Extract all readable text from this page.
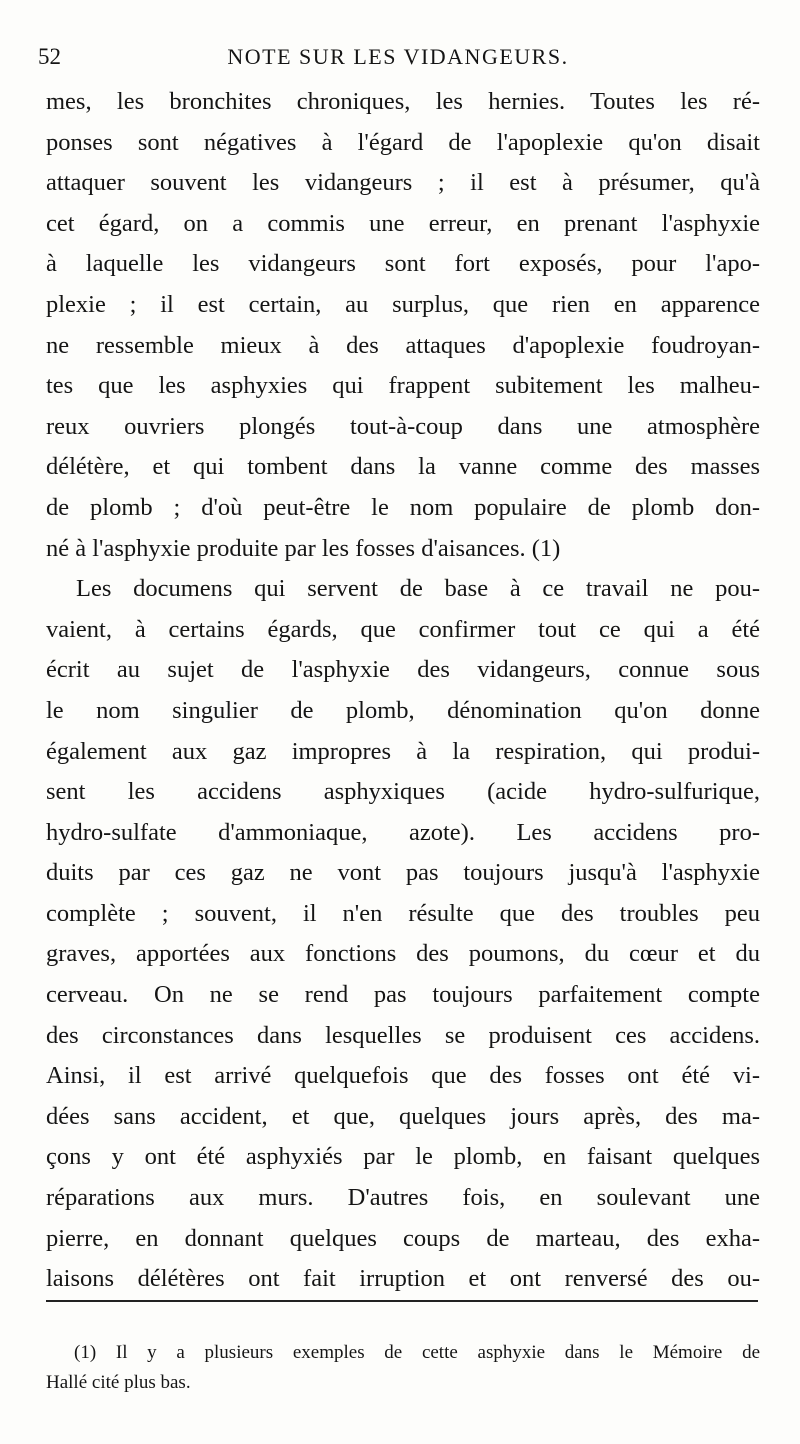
52	NOTE SUR LES VIDANGEURS.
mes, les bronchites chroniques, les hernies. Toutes les ré-
ponses sont négatives à l'égard de l'apoplexie qu'on disait
attaquer souvent les vidangeurs ; il est à présumer, qu'à
cet égard, on a commis une erreur, en prenant l'asphyxie
à laquelle les vidangeurs sont fort exposés, pour l'apo-
plexie ; il est certain, au surplus, que rien en apparence
ne ressemble mieux à des attaques d'apoplexie foudroyan-
tes que les asphyxies qui frappent subitement les malheu-
reux ouvriers plongés tout-à-coup dans une atmosphère
délétère, et qui tombent dans la vanne comme des masses
de plomb ; d'où peut-être le nom populaire de plomb don-
né à l'asphyxie produite par les fosses d'aisances. (1)
Les documens qui servent de base à ce travail ne pou-
vaient, à certains égards, que confirmer tout ce qui a été
écrit au sujet de l'asphyxie des vidangeurs, connue sous
le nom singulier de plomb, dénomination qu'on donne
également aux gaz impropres à la respiration, qui produi-
sent les accidens asphyxiques (acide hydro-sulfurique,
hydro-sulfate d'ammoniaque, azote). Les accidens pro-
duits par ces gaz ne vont pas toujours jusqu'à l'asphyxie
complète ; souvent, il n'en résulte que des troubles peu
graves, apportées aux fonctions des poumons, du cœur et du
cerveau. On ne se rend pas toujours parfaitement compte
des circonstances dans lesquelles se produisent ces accidens.
Ainsi, il est arrivé quelquefois que des fosses ont été vi-
dées sans accident, et que, quelques jours après, des ma-
çons y ont été asphyxiés par le plomb, en faisant quelques
réparations aux murs. D'autres fois, en soulevant une
pierre, en donnant quelques coups de marteau, des exha-
laisons délétères ont fait irruption et ont renversé des ou-
(1) Il y a plusieurs exemples de cette asphyxie dans le Mémoire de
Hallé cité plus bas.
